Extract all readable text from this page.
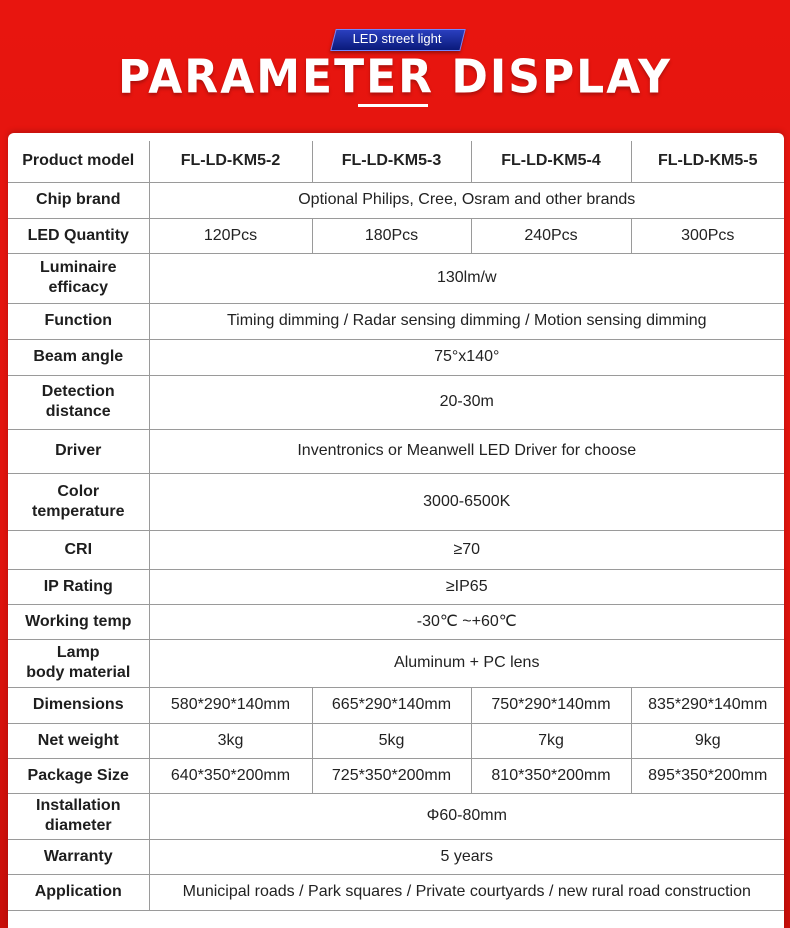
LED street light
PARAMETER DISPLAY
Product model	FL-LD-KM5-2	FL-LD-KM5-3	FL-LD-KM5-4	FL-LD-KM5-5
Chip brand	Optional Philips, Cree, Osram and other brands			
LED Quantity	120Pcs	180Pcs	240Pcs	300Pcs
Luminaire
efficacy	130lm/w			
Function	Timing dimming / Radar sensing dimming / Motion sensing dimming			
Beam angle	75°x140°			
Detection
distance	20-30m			
Driver	Inventronics or Meanwell LED Driver for choose			
Color
temperature	3000-6500K			
CRI	≥70			
IP Rating	≥IP65			
Working temp	-30℃ ~+60℃			
Lamp
body material	Aluminum + PC lens			
Dimensions	580*290*140mm	665*290*140mm	750*290*140mm	835*290*140mm
Net weight	3kg	5kg	7kg	9kg
Package Size	640*350*200mm	725*350*200mm	810*350*200mm	895*350*200mm
Installation
diameter	Φ60-80mm			
Warranty	5 years			
Application	Municipal roads / Park squares / Private courtyards / new rural road construction			
